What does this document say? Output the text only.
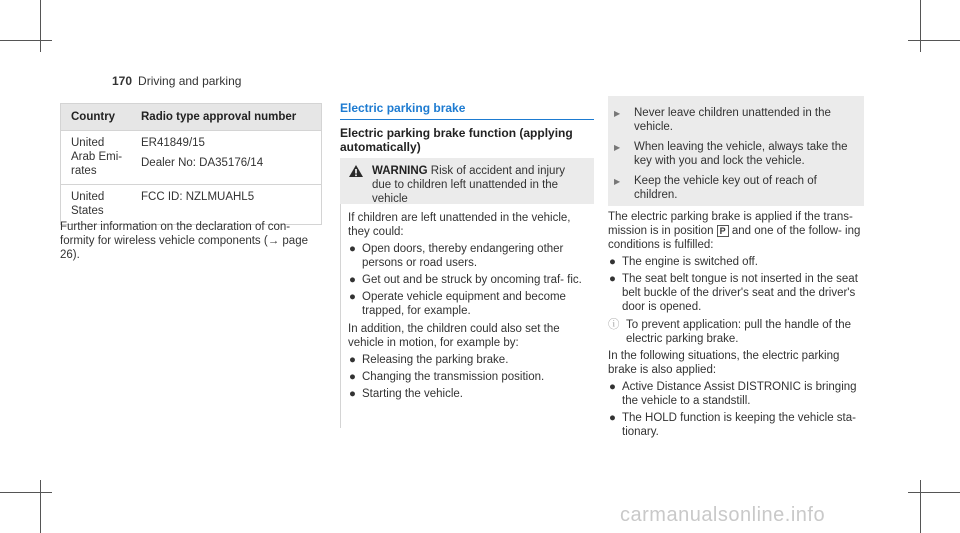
170 Driving and parking
Country	Radio type approval number
United Arab Emi- rates	ER41849/15

Dealer No: DA35176/14

United States	FCC ID: NZLMUAHL5

Further information on the declaration of con- formity for wireless vehicle components (→ page 26).

Electric parking brake
Electric parking brake function (applying automatically)
WARNING Risk of accident and injury due to children left unattended in the vehicle

If children are left unattended in the vehicle, they could:

● Open doors, thereby endangering other persons or road users.
● Get out and be struck by oncoming traf- fic.
● Operate vehicle equipment and become trapped, for example.

In addition, the children could also set the vehicle in motion, for example by:

● Releasing the parking brake.
● Changing the transmission position.
● Starting the vehicle.
▶	Never leave children unattended in the vehicle.
▶	When leaving the vehicle, always take the key with you and lock the vehicle.
▶	Keep the vehicle key out of reach of children.

The electric parking brake is applied if the trans- mission is in position P and one of the follow- ing conditions is fulfilled:

● The engine is switched off.
● The seat belt tongue is not inserted in the seat belt buckle of the driver's seat and the driver's door is opened.
ⓘ To prevent application: pull the handle of the electric parking brake.

In the following situations, the electric parking brake is also applied:

● Active Distance Assist DISTRONIC is bringing the vehicle to a standstill.
● The HOLD function is keeping the vehicle sta- tionary.
carmanualsonline.info
